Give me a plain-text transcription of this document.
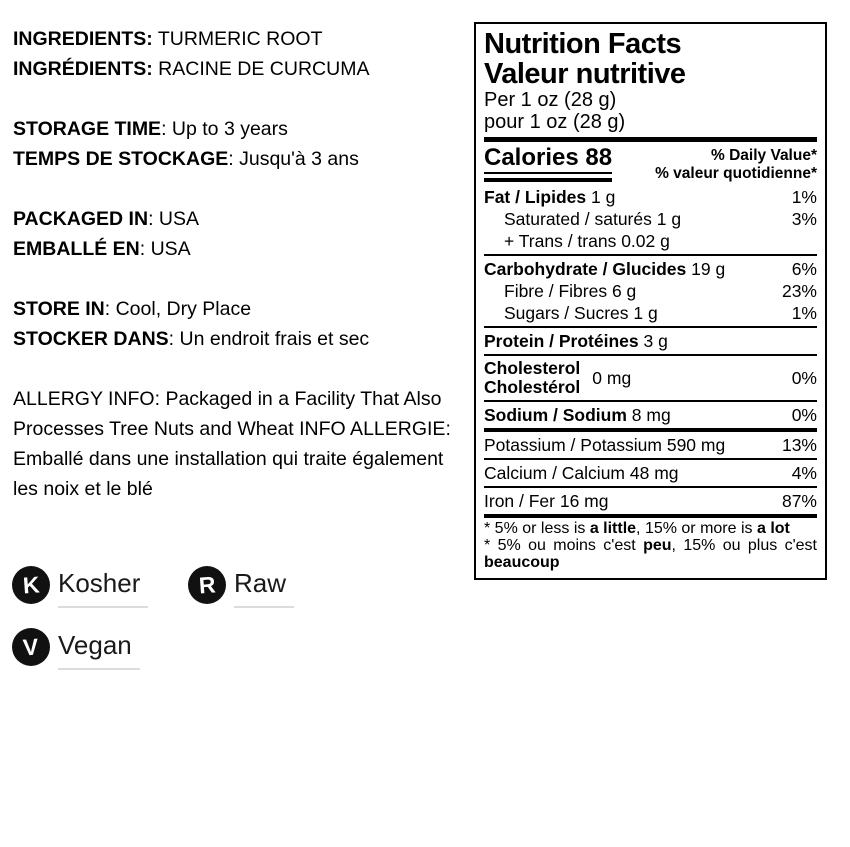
INGREDIENTS: TURMERIC ROOT
INGRÉDIENTS: RACINE DE CURCUMA

STORAGE TIME: Up to 3 years
TEMPS DE STOCKAGE: Jusqu'à 3 ans

PACKAGED IN: USA
EMBALLÉ EN: USA

STORE IN: Cool, Dry Place
STOCKER DANS: Un endroit frais et sec

ALLERGY INFO: Packaged in a Facility That Also Processes Tree Nuts and Wheat INFO ALLERGIE: Emballé dans une installation qui traite également les noix et le blé

Nutrition Facts
Valeur nutritive
Per 1 oz (28 g)
pour 1 oz (28 g)
Calories 88	% Daily Value*
% valeur quotidienne*
Fat / Lipides 1 g	1%
Saturated / saturés 1 g	3%
+ Trans / trans 0.02 g
Carbohydrate / Glucides 19 g	6%
Fibre / Fibres 6 g	23%
Sugars / Sucres 1 g	1%
Protein / Protéines 3 g
Cholesterol
Cholestérol 0 mg	0%
Sodium / Sodium 8 mg	0%
Potassium / Potassium 590 mg	13%
Calcium / Calcium 48 mg	4%
Iron / Fer 16 mg	87%
* 5% or less is a little, 15% or more is a lot
* 5% ou moins c'est peu, 15% ou plus c'est beaucoup
K Kosher	R Raw
V Vegan
